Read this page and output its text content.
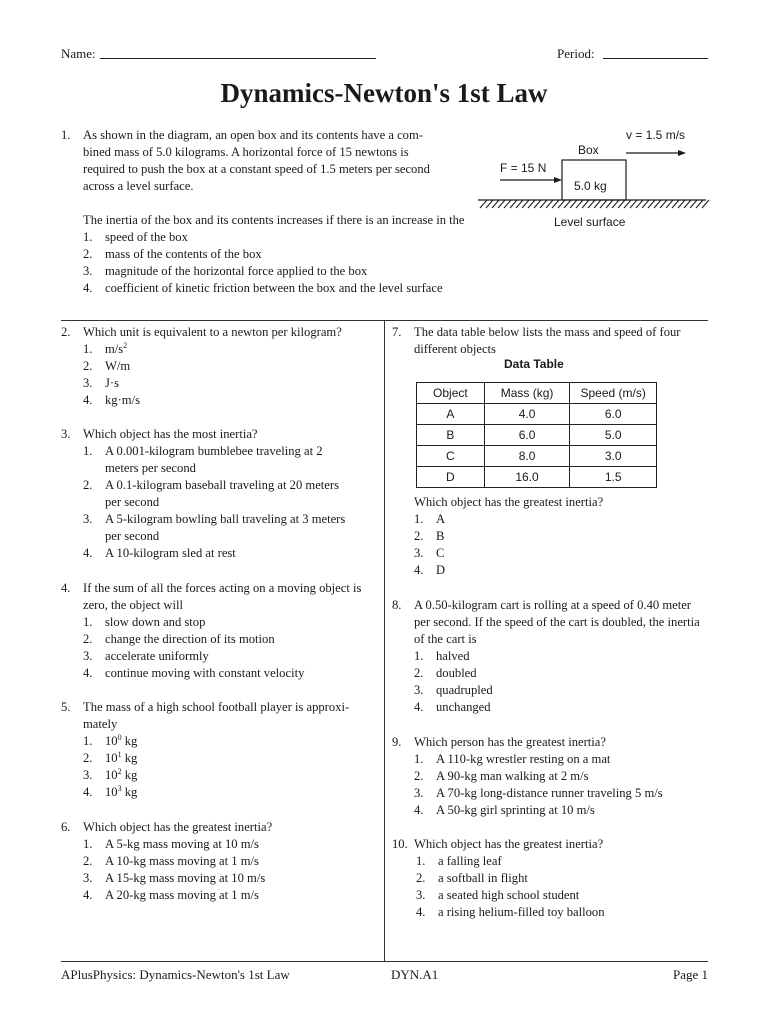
Name:	Period:
Dynamics-Newton's 1st Law
1. As shown in the diagram, an open box and its contents have a com-
bined mass of 5.0 kilograms. A horizontal force of 15 newtons is
required to push the box at a constant speed of 1.5 meters per second
across a level surface.
The inertia of the box and its contents increases if there is an increase in the
1. speed of the box
2. mass of the contents of the box
3. magnitude of the horizontal force applied to the box
4. coefficient of kinetic friction between the box and the level surface
v = 1.5 m/s
Box
F = 15 N
5.0 kg
Level surface
2. Which unit is equivalent to a newton per kilogram?
1. $m/s^2$
2. W/m
3. J·s
4. kg·m/s
3. Which object has the most inertia?
1. A 0.001-kilogram bumblebee traveling at 2 meters per second
2. A 0.1-kilogram baseball traveling at 20 meters per second
3. A 5-kilogram bowling ball traveling at 3 meters per second
4. A 10-kilogram sled at rest
4. If the sum of all the forces acting on a moving object is zero, the object will
1. slow down and stop
2. change the direction of its motion
3. accelerate uniformly
4. continue moving with constant velocity
5. The mass of a high school football player is approxi- mately
1. $10^0$ kg
2. $10^1$ kg
3. $10^2$ kg
4. $10^3$ kg
6. Which object has the greatest inertia?
1. A 5-kg mass moving at 10 m/s
2. A 10-kg mass moving at 1 m/s
3. A 15-kg mass moving at 10 m/s
4. A 20-kg mass moving at 1 m/s
7. The data table below lists the mass and speed of four different objects
Data Table
Object	Mass (kg)	Speed (m/s)
A	4.0	6.0
B	6.0	5.0
C	8.0	3.0
D	16.0	1.5
Which object has the greatest inertia?
1. A
2. B
3. C
4. D
8. A 0.50-kilogram cart is rolling at a speed of 0.40 meter per second. If the speed of the cart is doubled, the inertia of the cart is
1. halved
2. doubled
3. quadrupled
4. unchanged
9. Which person has the greatest inertia?
1. A 110-kg wrestler resting on a mat
2. A 90-kg man walking at 2 m/s
3. A 70-kg long-distance runner traveling 5 m/s
4. A 50-kg girl sprinting at 10 m/s
10. Which object has the greatest inertia?
1. a falling leaf
2. a softball in flight
3. a seated high school student
4. a rising helium-filled toy balloon
APlusPhysics: Dynamics-Newton's 1st Law	DYN.A1	Page 1
